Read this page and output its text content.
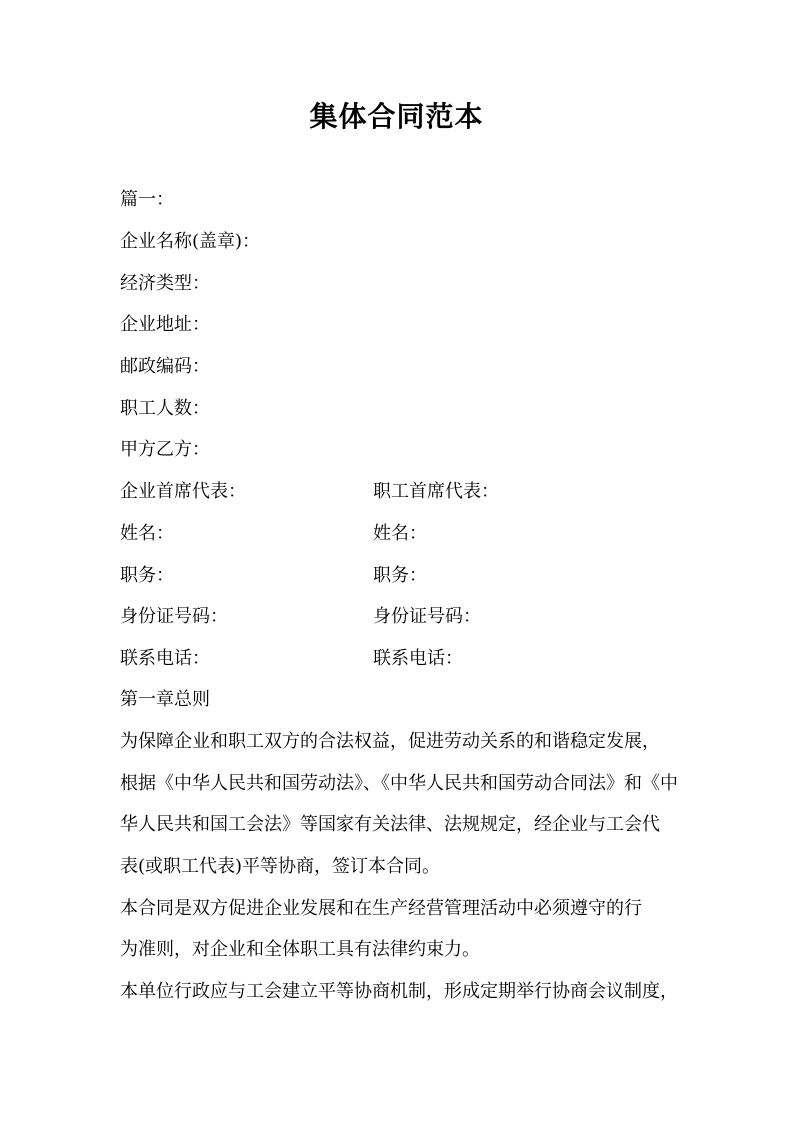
集体合同范本
篇一：
企业名称(盖章)：
经济类型：
企业地址：
邮政编码：
职工人数：
甲方乙方：
企业首席代表：	职工首席代表：
姓名：	姓名：
职务：	职务：
身份证号码：	身份证号码：
联系电话：	联系电话：
第一章总则
为保障企业和职工双方的合法权益，促进劳动关系的和谐稳定发展，
根据《中华人民共和国劳动法》、《中华人民共和国劳动合同法》和《中
华人民共和国工会法》等国家有关法律、法规规定，经企业与工会代
表(或职工代表)平等协商，签订本合同。
本合同是双方促进企业发展和在生产经营管理活动中必须遵守的行
为准则，对企业和全体职工具有法律约束力。
本单位行政应与工会建立平等协商机制，形成定期举行协商会议制度，
